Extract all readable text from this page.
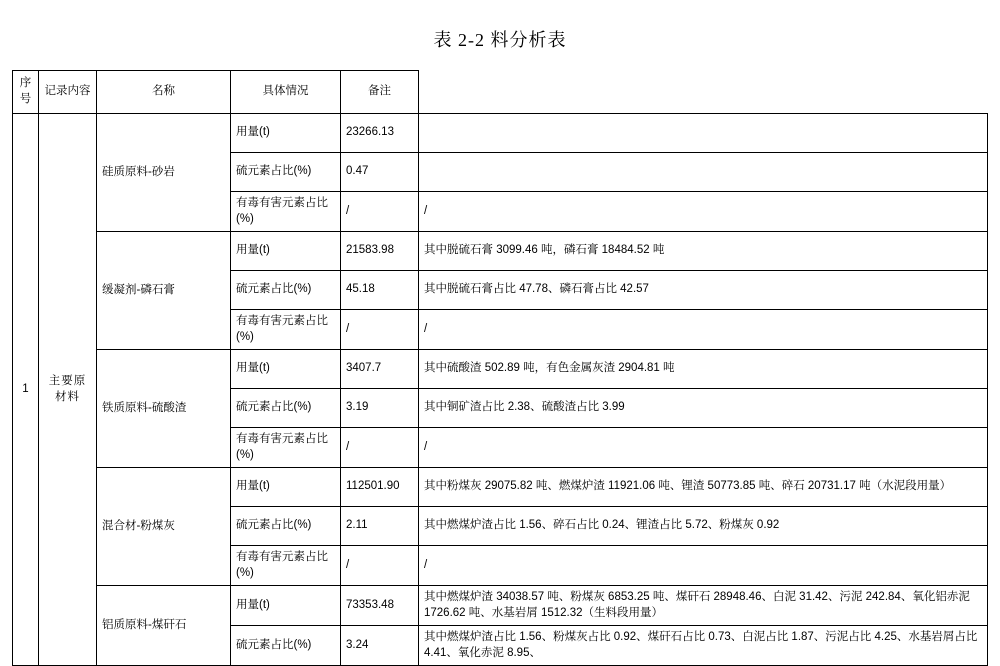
表 2-2 料分析表
序号	记录内容	名称	具体情况	备注	
1	主要原材料	硅质原料-砂岩	用量(t)	23266.13	
			硫元素占比(%)	0.47	
			有毒有害元素占比(%)	/	/
		缓凝剂-磷石膏	用量(t)	21583.98	其中脱硫石膏 3099.46 吨，磷石膏 18484.52 吨
			硫元素占比(%)	45.18	其中脱硫石膏占比 47.78、磷石膏占比 42.57
			有毒有害元素占比(%)	/	/
		铁质原料-硫酸渣	用量(t)	3407.7	其中硫酸渣 502.89 吨，有色金属灰渣 2904.81 吨
			硫元素占比(%)	3.19	其中铜矿渣占比 2.38、硫酸渣占比 3.99
			有毒有害元素占比(%)	/	/
		混合材-粉煤灰	用量(t)	112501.90	其中粉煤灰 29075.82 吨、燃煤炉渣 11921.06 吨、锂渣 50773.85 吨、碎石 20731.17 吨（水泥段用量）
			硫元素占比(%)	2.11	其中燃煤炉渣占比 1.56、碎石占比 0.24、锂渣占比 5.72、粉煤灰 0.92
			有毒有害元素占比(%)	/	/
		铝质原料-煤矸石	用量(t)	73353.48	其中燃煤炉渣 34038.57 吨、粉煤灰 6853.25 吨、煤矸石 28948.46、白泥 31.42、污泥 242.84、氧化铝赤泥 1726.62 吨、水基岩屑 1512.32（生料段用量）
			硫元素占比(%)	3.24	其中燃煤炉渣占比 1.56、粉煤灰占比 0.92、煤矸石占比 0.73、白泥占比 1.87、污泥占比 4.25、水基岩屑占比 4.41、氧化赤泥 8.95、
